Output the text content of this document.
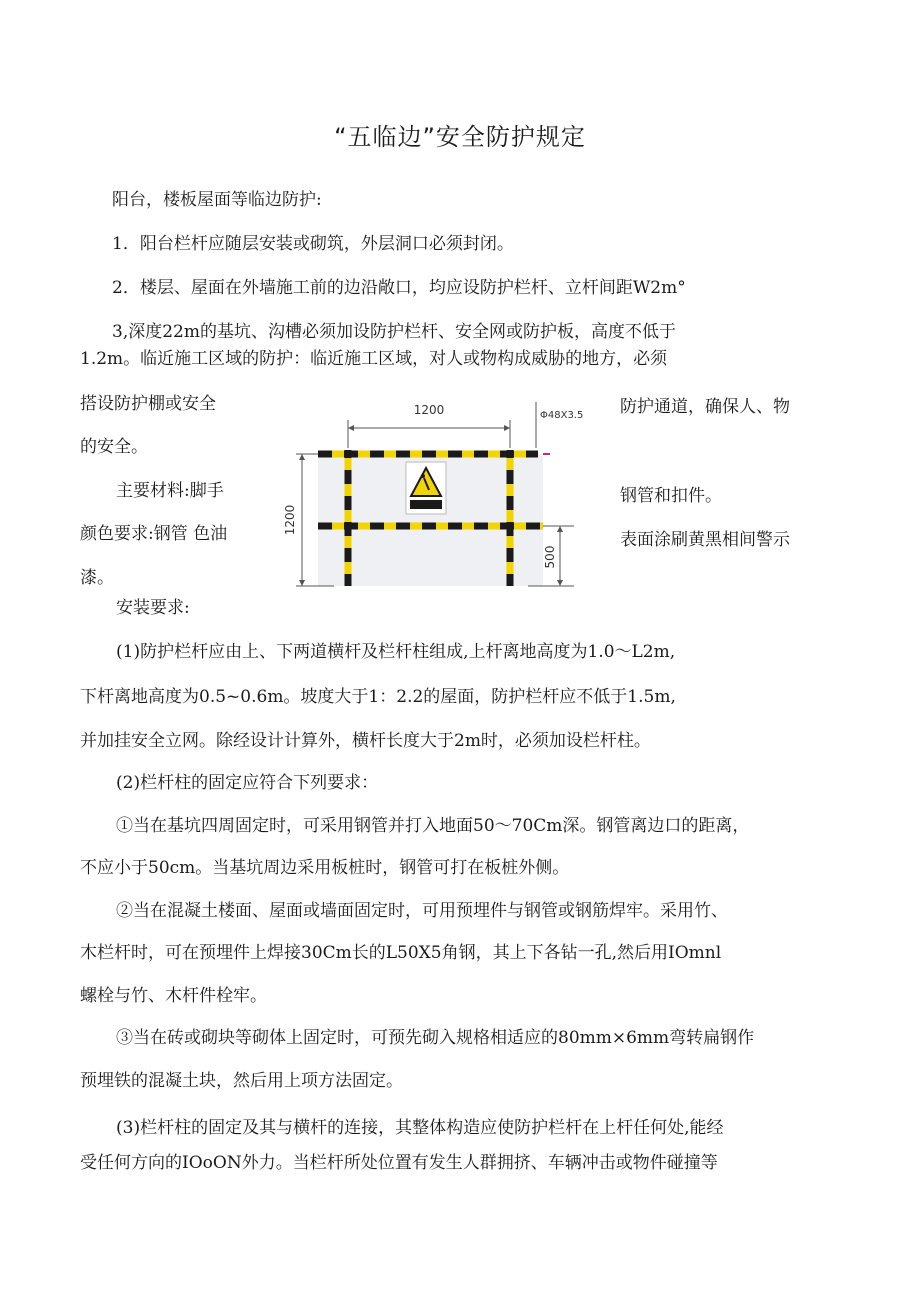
“五临边”安全防护规定
阳台，楼板屋面等临边防护:
1．阳台栏杆应随层安装或砌筑，外层洞口必须封闭。
2．楼层、屋面在外墙施工前的边沿敞口，均应设防护栏杆、立杆间距W2m°
3,深度22m的基坑、沟槽必须加设防护栏杆、安全网或防护板，高度不低于
1.2m。临近施工区域的防护：临近施工区域，对人或物构成威胁的地方，必须
搭设防护棚或安全
的安全。
主要材料:脚手
颜色要求:钢管 色油
漆。
防护通道，确保人、物
钢管和扣件。
表面涂刷黄黑相间警示
1200	Φ48X3.5
1200
500
安装要求:
(1)防护栏杆应由上、下两道横杆及栏杆柱组成,上杆离地高度为1.0～L2m,
下杆离地高度为0.5~0.6m。坡度大于1：2.2的屋面，防护栏杆应不低于1.5m,
并加挂安全立网。除经设计计算外，横杆长度大于2m时，必须加设栏杆柱。
(2)栏杆柱的固定应符合下列要求：
①当在基坑四周固定时，可采用钢管并打入地面50～70Cm深。钢管离边口的距离，
不应小于50cm。当基坑周边采用板桩时，钢管可打在板桩外侧。
②当在混凝土楼面、屋面或墙面固定时，可用预埋件与钢管或钢筋焊牢。采用竹、
木栏杆时，可在预埋件上焊接30Cm长的L50X5角钢，其上下各钻一孔,然后用IOmnl
螺栓与竹、木杆件栓牢。
③当在砖或砌块等砌体上固定时，可预先砌入规格相适应的80mm×6mm弯转扁钢作
预埋铁的混凝土块，然后用上项方法固定。
(3)栏杆柱的固定及其与横杆的连接，其整体构造应使防护栏杆在上杆任何处,能经
受任何方向的IOoON外力。当栏杆所处位置有发生人群拥挤、车辆冲击或物件碰撞等
